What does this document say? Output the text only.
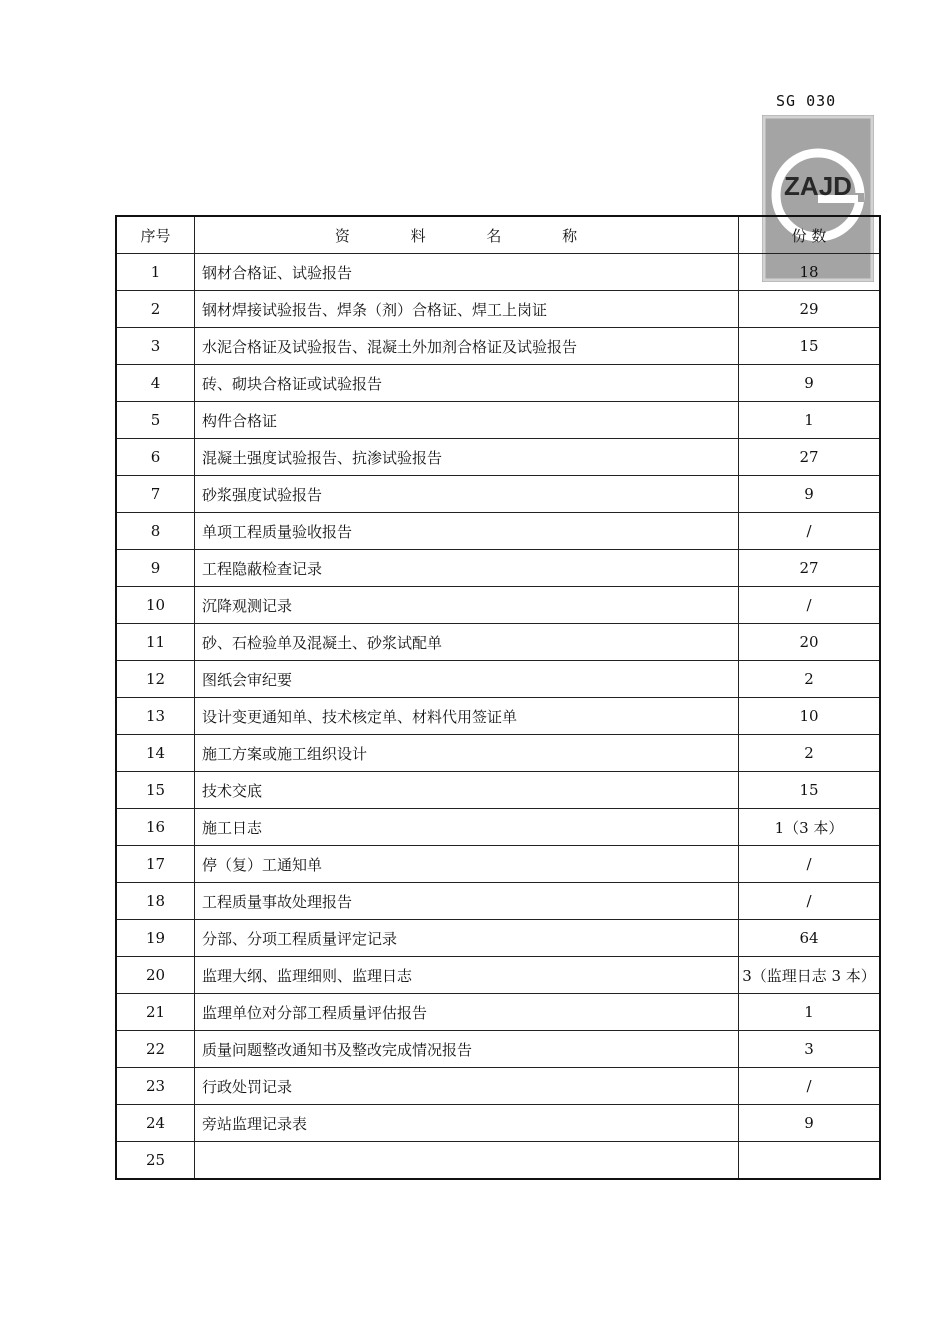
SG 030
ZAJD
序号	资 料 名 称	份 数
1	钢材合格证、试验报告	18
2	钢材焊接试验报告、焊条（剂）合格证、焊工上岗证	29
3	水泥合格证及试验报告、混凝土外加剂合格证及试验报告	15
4	砖、砌块合格证或试验报告	9
5	构件合格证	1
6	混凝土强度试验报告、抗渗试验报告	27
7	砂浆强度试验报告	9
8	单项工程质量验收报告	/
9	工程隐蔽检查记录	27
10	沉降观测记录	/
11	砂、石检验单及混凝土、砂浆试配单	20
12	图纸会审纪要	2
13	设计变更通知单、技术核定单、材料代用签证单	10
14	施工方案或施工组织设计	2
15	技术交底	15
16	施工日志	1（3 本）
17	停（复）工通知单	/
18	工程质量事故处理报告	/
19	分部、分项工程质量评定记录	64
20	监理大纲、监理细则、监理日志	3（监理日志 3 本）
21	监理单位对分部工程质量评估报告	1
22	质量问题整改通知书及整改完成情况报告	3
23	行政处罚记录	/
24	旁站监理记录表	9
25		
